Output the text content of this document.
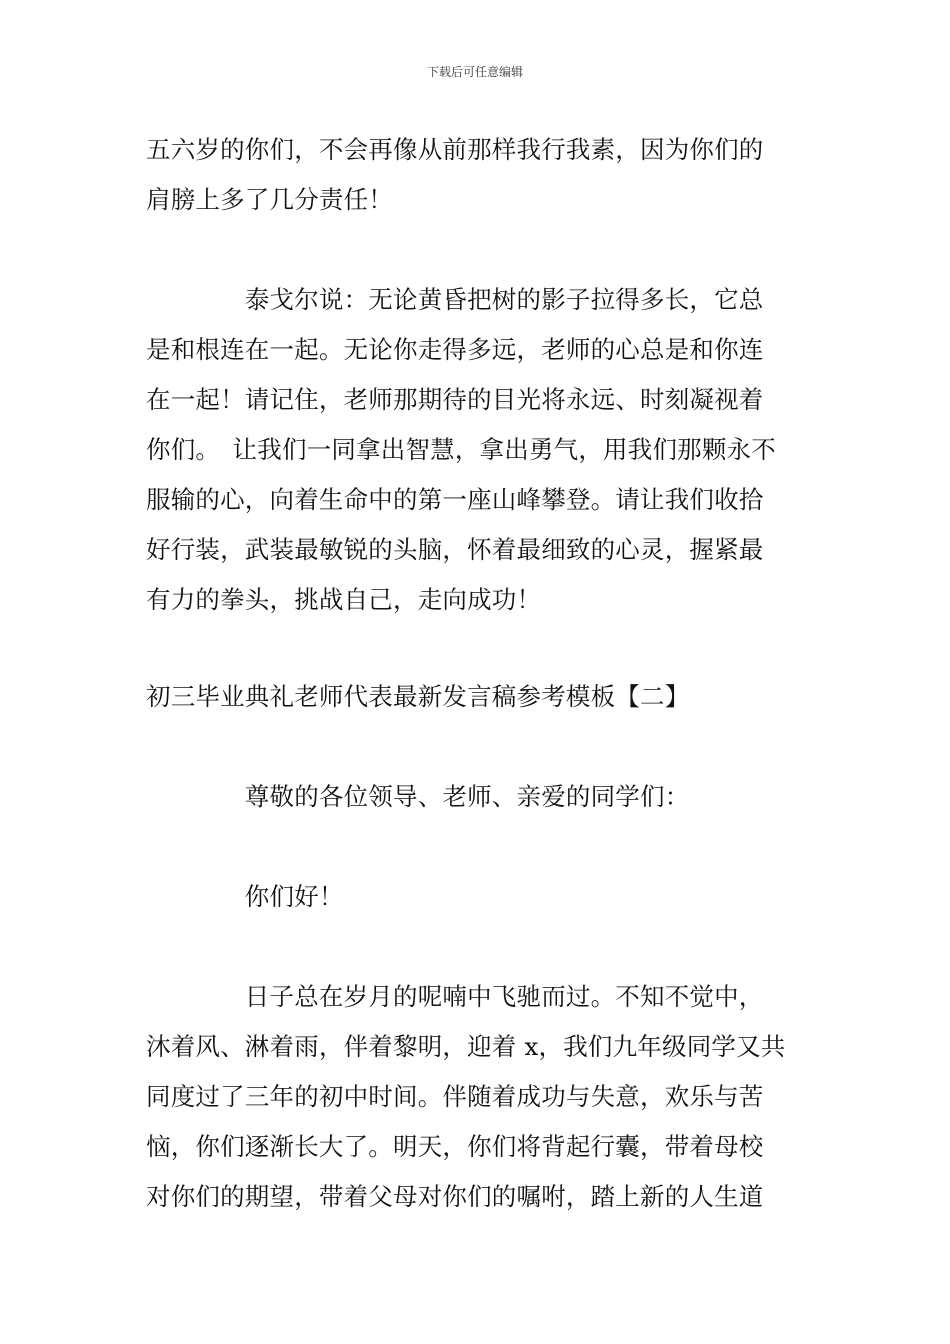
下载后可任意编辑
五六岁的你们，不会再像从前那样我行我素，因为你们的
肩膀上多了几分责任！
　　　　泰戈尔说：无论黄昏把树的影子拉得多长，它总
是和根连在一起。无论你走得多远，老师的心总是和你连
在一起！请记住，老师那期待的目光将永远、时刻凝视着
你们。　让我们一同拿出智慧，拿出勇气，用我们那颗永不
服输的心，向着生命中的第一座山峰攀登。请让我们收拾
好行装，武装最敏锐的头脑，怀着最细致的心灵，握紧最
有力的拳头，挑战自己，走向成功！
初三毕业典礼老师代表最新发言稿参考模板【二】
　　　　尊敬的各位领导、老师、亲爱的同学们：
　　　　你们好！
　　　　日子总在岁月的呢喃中飞驰而过。不知不觉中，
沐着风、淋着雨，伴着黎明，迎着 x，我们九年级同学又共
同度过了三年的初中时间。伴随着成功与失意，欢乐与苦
恼，你们逐渐长大了。明天，你们将背起行囊，带着母校
对你们的期望，带着父母对你们的嘱咐，踏上新的人生道
